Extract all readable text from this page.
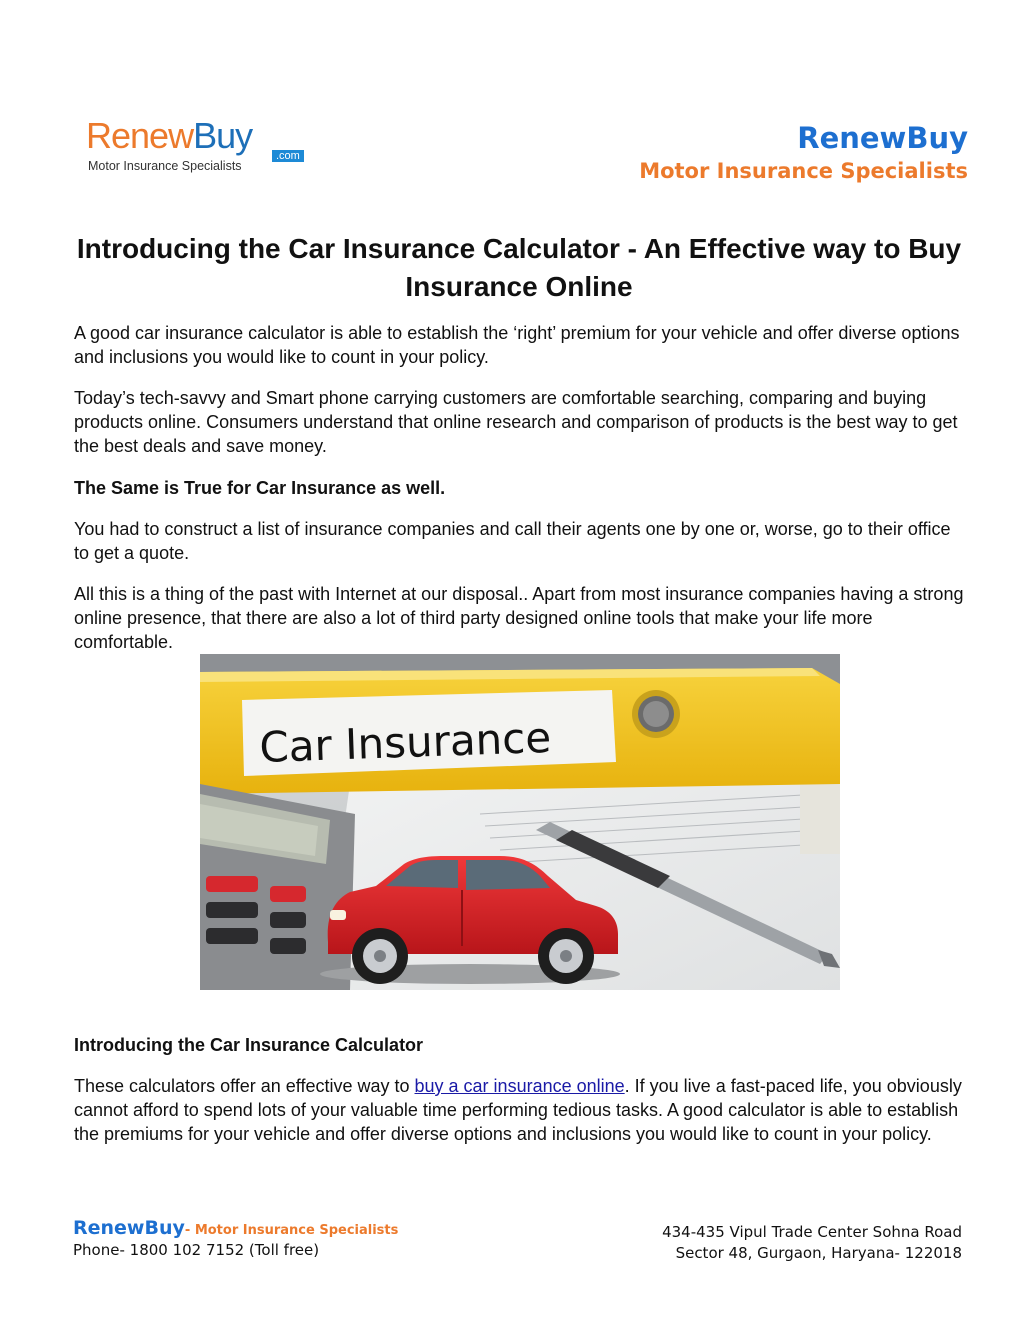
RenewBuy	.com
Motor Insurance Specialists
RenewBuy
Motor Insurance Specialists
Introducing the Car Insurance Calculator - An Effective way to Buy Insurance Online

A good car insurance calculator is able to establish the ‘right’ premium for your vehicle and offer diverse options and inclusions you would like to count in your policy.

Today’s tech-savvy and Smart phone carrying customers are comfortable searching, comparing and buying products online. Consumers understand that online research and comparison of products is the best way to get the best deals and save money.

The Same is True for Car Insurance as well.

You had to construct a list of insurance companies and call their agents one by one or, worse, go to their office to get a quote.

All this is a thing of the past with Internet at our disposal.. Apart from most insurance companies having a strong online presence, that there are also a lot of third party designed online tools that make your life more comfortable.

Car Insurance

Introducing the Car Insurance Calculator

These calculators offer an effective way to buy a car insurance online. If you live a fast-paced life, you obviously cannot afford to spend lots of your valuable time performing tedious tasks. A good calculator is able to establish the premiums for your vehicle and offer diverse options and inclusions you would like to count in your policy.

RenewBuy- Motor Insurance Specialists
Phone- 1800 102 7152 (Toll free)
434-435 Vipul Trade Center Sohna Road
Sector 48, Gurgaon, Haryana- 122018
